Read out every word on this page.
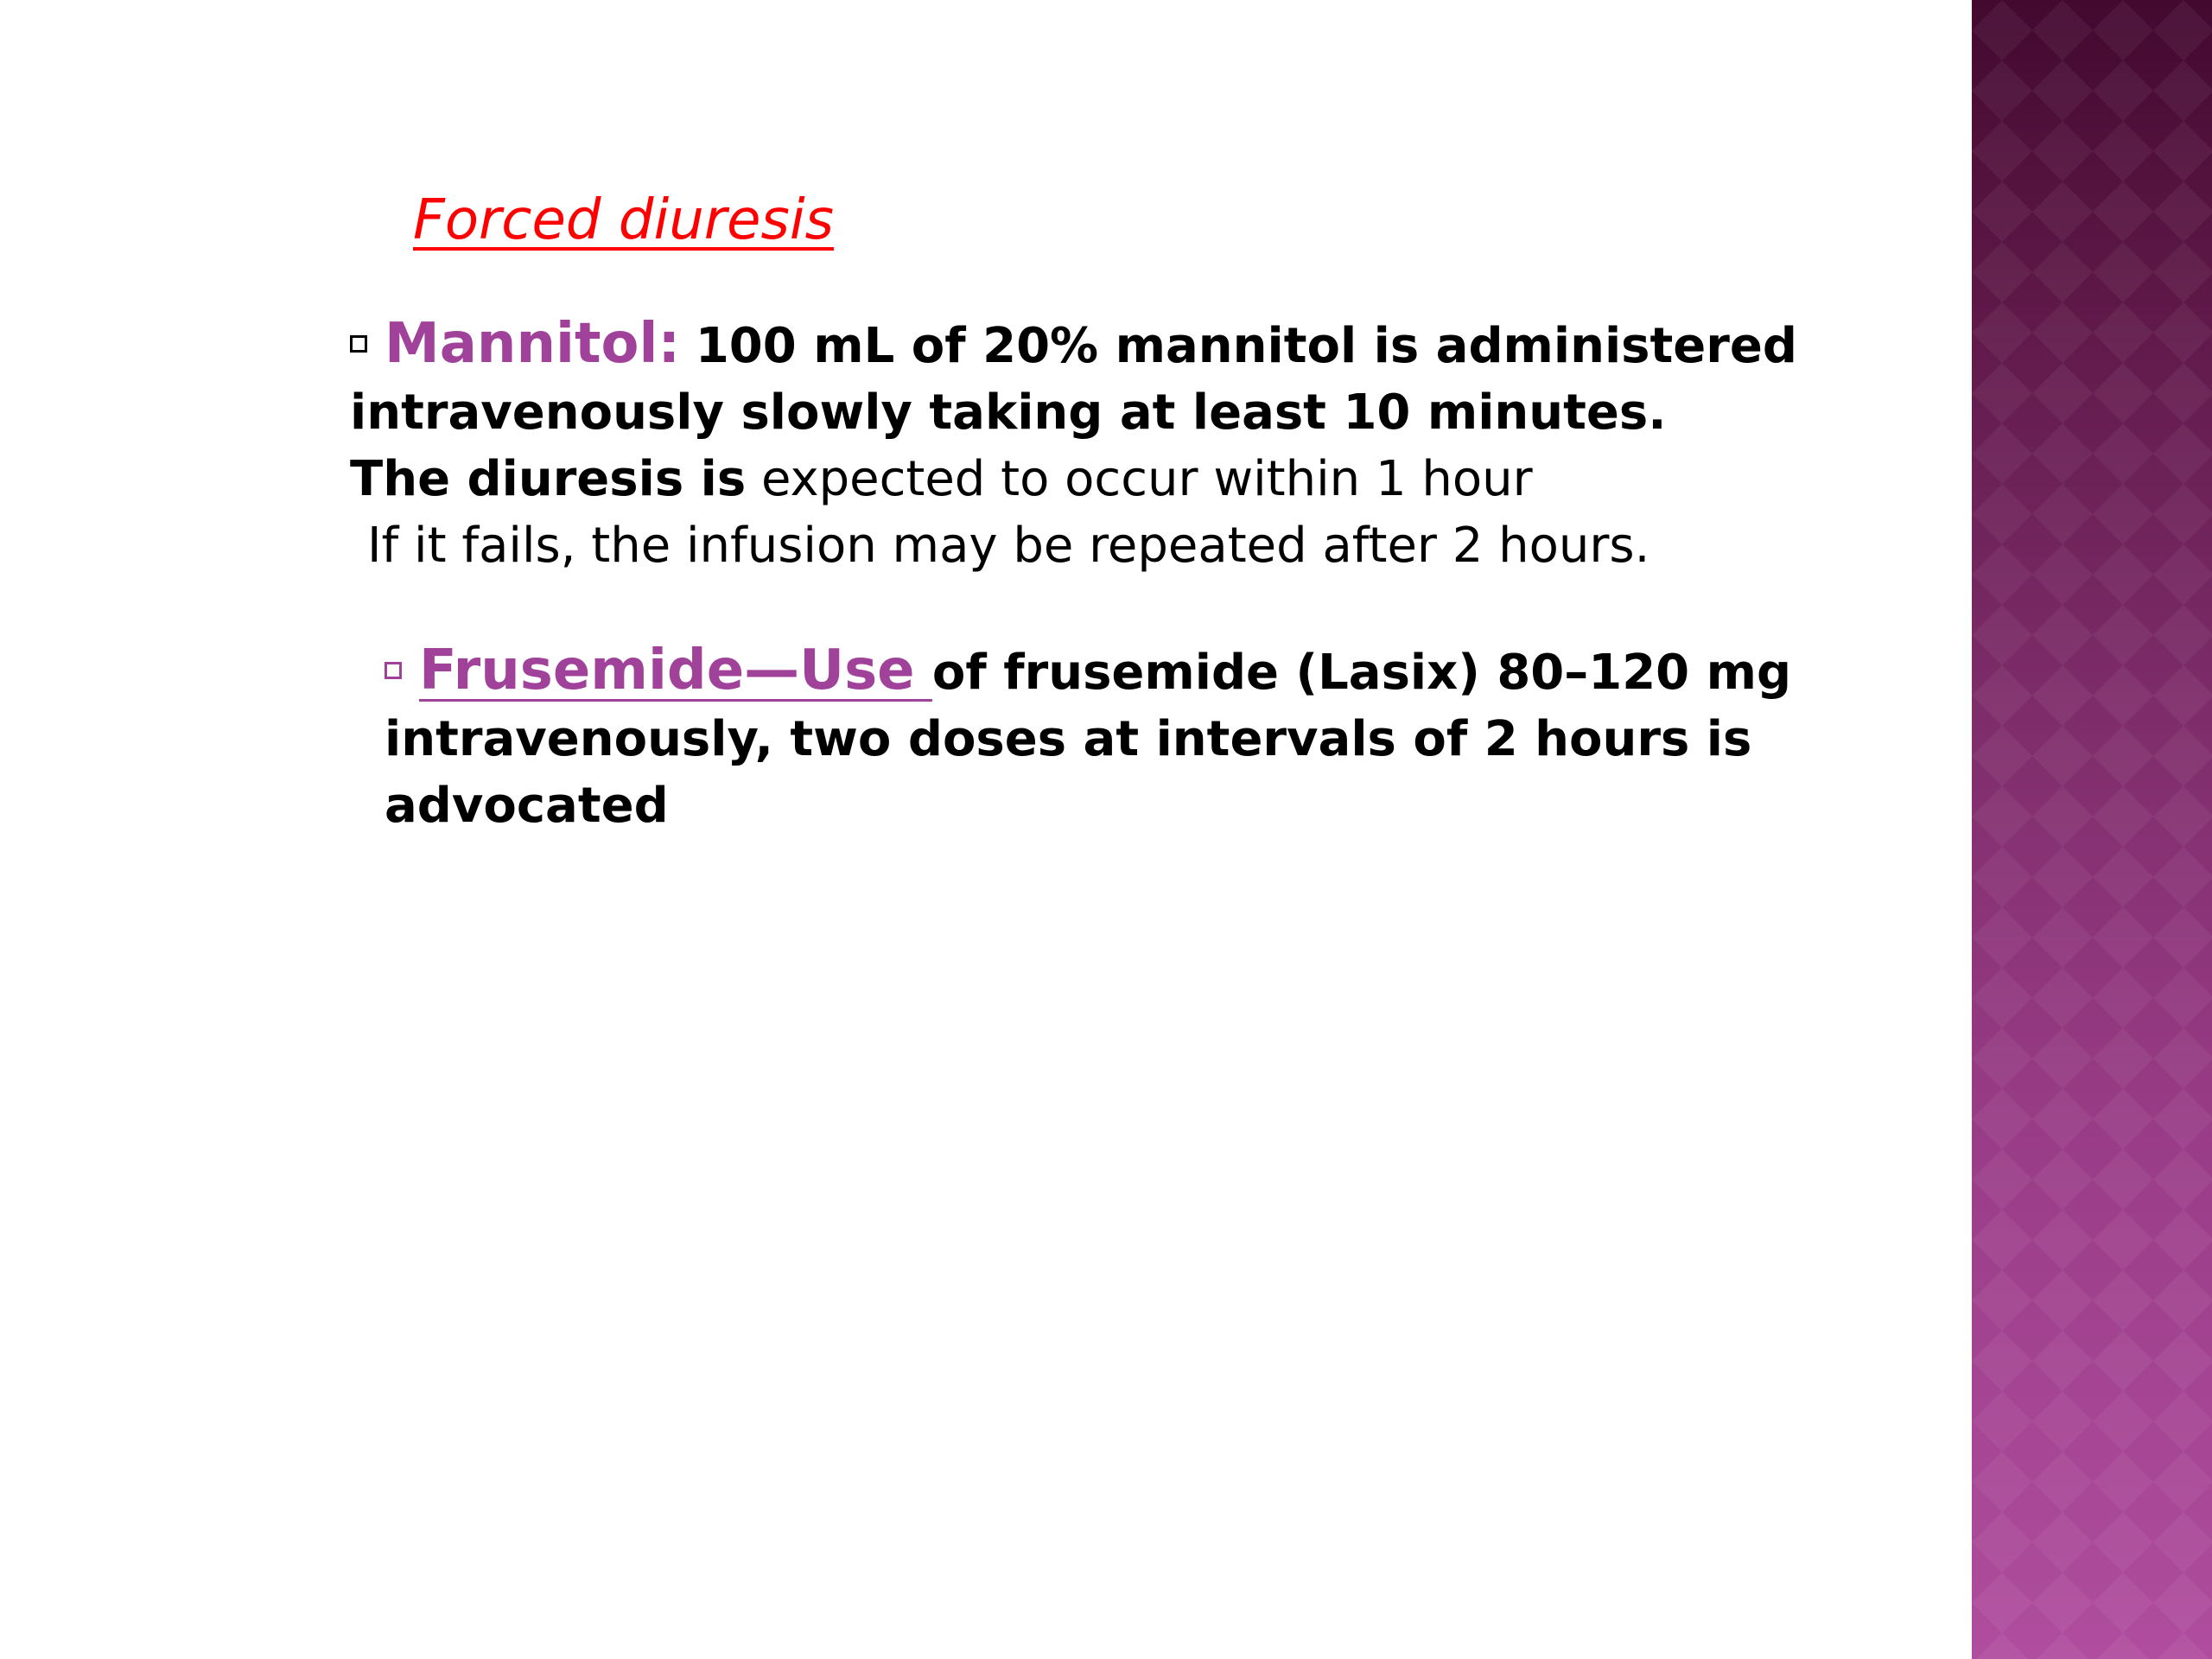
Forced diuresis
Mannitol: 100 mL of 20% mannitol is administered
intravenously slowly taking at least 10 minutes.
The diuresis is expected to occur within 1 hour
If it fails, the infusion may be repeated after 2 hours.
Frusemide—Use of frusemide (Lasix) 80–120 mg
intravenously, two doses at intervals of 2 hours is
advocated
